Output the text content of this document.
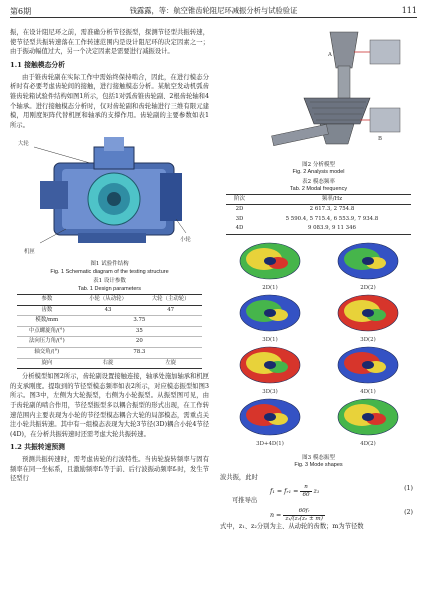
第6期	钱露露，等：航空锥齿轮阻尼环减振分析与试验验证	111

振，在设计阻尼环之前，需准确分析节径振型，探测节径型共振转速，使节径型共振转速落在工作转速范围内是设计阻尼环的决定因素之一；由于振动幅值过大，另一个决定因素是需要进行减振设计。

1.1 接触模态分析

由于锥齿轮副在实际工作中需始终保持啮合，因此，在进行模态分析时有必要考虑齿轮间的接触，进行接触模态分析。某航空发动机弧齿锥齿轮箱试验件结构如图1所示，包括1对弧齿锥齿轮副、2根齿轮轴和4个轴承。进行接触模态分析时，仅对齿轮副和齿轮轴进行三维有限元建模，用刚度矩阵代替机匣和轴承的支撑作用。齿轮副的主要参数如表1所示。

大轮
小轮
机匣
图1 试验件结构
Fig. 1 Schematic diagram of the testing structure
表1 设计参数
Tab. 1 Design parameters
参数	小轮（从动轮）	大轮（主动轮）
齿数	43	47
模数/mm	3.75	
中点螺旋角/(°)	35	
法向压力角/(°)	20	
轴交角/(°)	78.3	
旋向	右旋	左旋

分析模型如图2所示，齿轮副设置接触连接，轴承处施加轴承和机匣的支承刚度。提取到的节径型模态频率如表2所示，对应模态振型如图3所示。图3中，左侧为大轮振型，右侧为小轮振型。从振型图可见，由于齿轮副的啮合作用，节径型振型多以耦合振型的形式出现，在工作转速范围内主要表现为小轮的节径型模态耦合大轮的局部模态，需重点关注小轮共振转速。其中有一组模态表现为大轮3节径(3D)耦合小轮4节径(4D)，在分析共振转速时还需考虑大轮共振转速。

1.2 共振转速预测

预测共振转速时，需考虑齿轮的行波特性。当齿轮旋转频率与固有频率在同一坐标系，且激励频率f₁等于前、后行波振动频率fᵣ时，发生节径型行

A
B
图2 分析模型
Fig. 2 Analysis model
表2 模态频率
Tab. 2 Modal frequency
阶次	频率/Hz
2D	2 617.3, 2 754.8
3D	5 590.4, 5 715.4, 6 553.9, 7 934.8
4D	9 083.9, 9 11 346
2D(1)	2D(2)
3D(1)	3D(2)
3D(3)	4D(1)
3D+4D(1)	4D(2)
图3 模态振型
Fig. 3 Mode shapes

波共振，此时

f₁ = fᵣ₁ = $\frac{n}{60} z_1$	(1)

可推导出

$n = \frac{\text{60fᵣ}}{\text{z₁/(z₂(z₂ ± m)}}$	(2)

式中，z₁、z₂分别为主、从动轮的齿数；m为节径数
